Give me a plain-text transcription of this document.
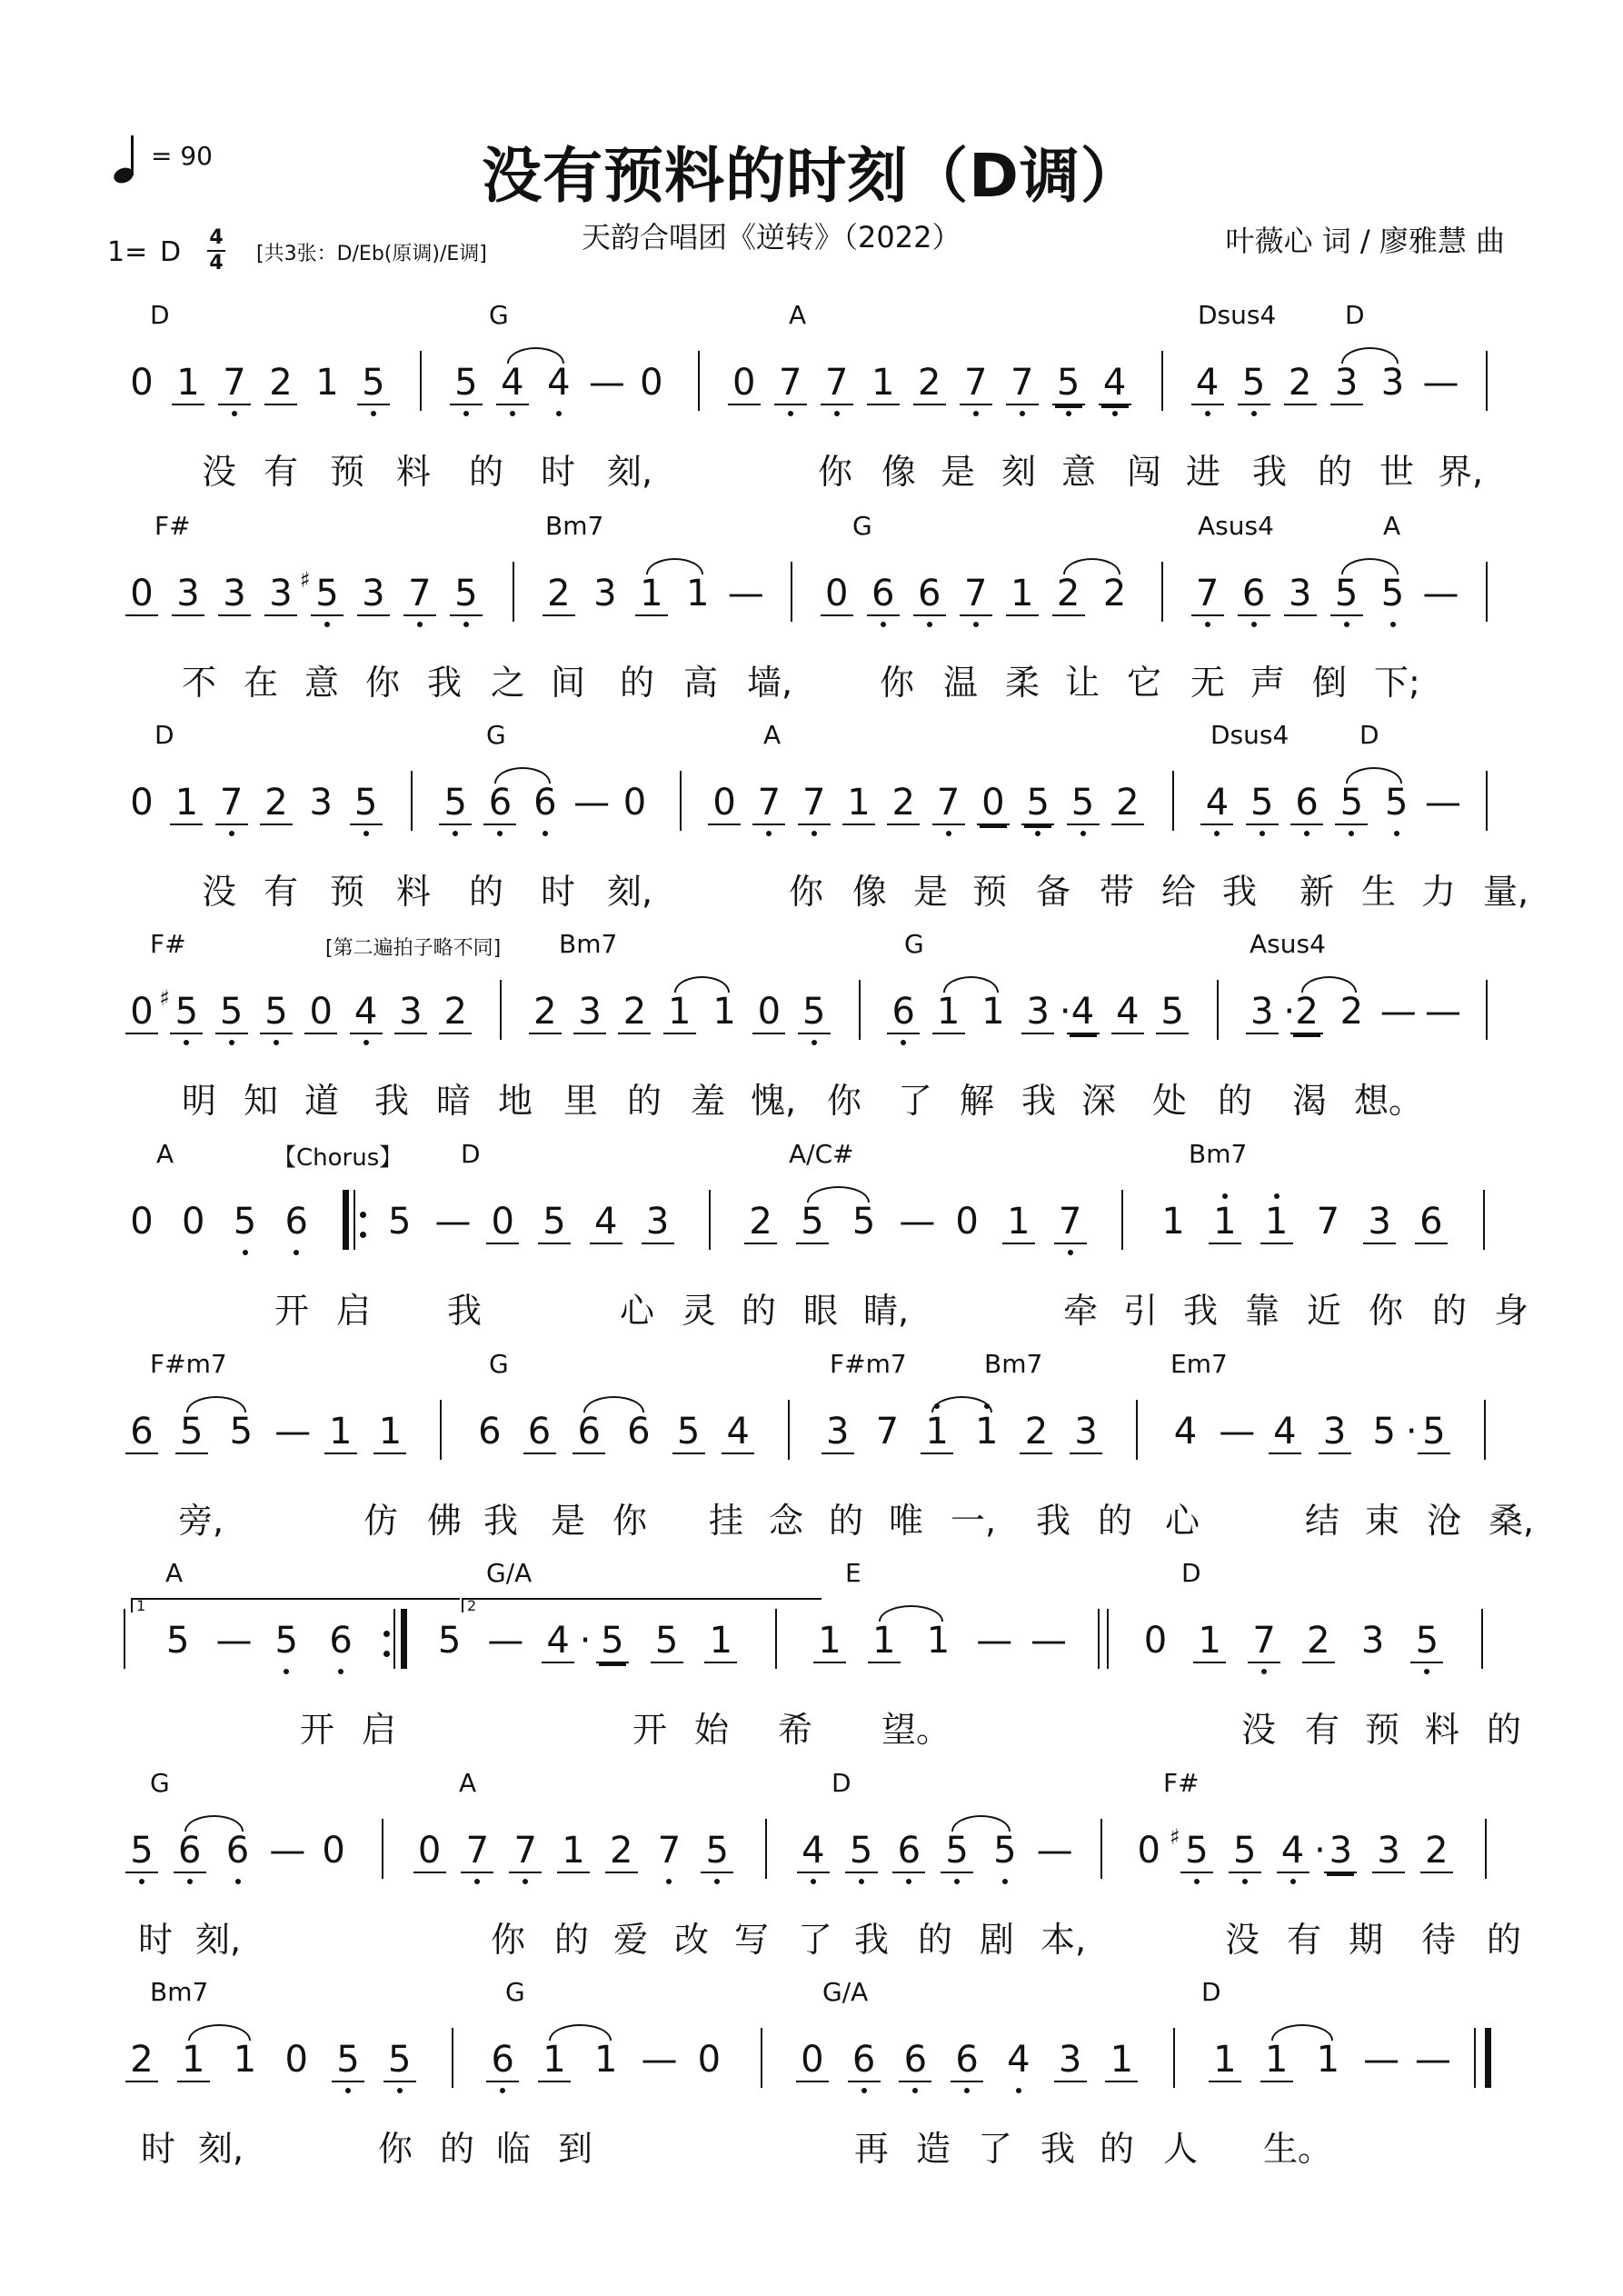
= 90	没有预料的时刻（D调）
天韵合唱团《逆转》（2022）	叶薇心 词 / 廖雅慧 曲
1= D 4
4 [共3张：D/Eb(原调)/E调]
D	G	A	Dsus4	D
没 有 预 料 的 时 刻,	你 像 是 刻 意 闯 进 我 的 世 界,
0 1 7 2 1 5 5 4 4 — 0 0 7 7 1 2 7 7 5 4 4 5 2 3 3 —
F#	Bm7	G	Asus4	A
不 在 意 你 我 之 间 的 高 墙,	你 温 柔 让 它 无 声 倒 下;
0 3 3 3 5
♯ 3 7 5 2 3 1 1 — 0 6 6 7 1 2 2 7 6 3 5 5 —
D	G	A	Dsus4	D
没 有 预 料 的 时 刻,	你 像 是 预 备 带 给 我 新 生 力 量,
0 1 7 2 3 5 5 6 6 — 0 0 7 7 1 2 7 0 5 5 2 4 5 6 5 5 —
F#	Bm7	G	Asus4
[第二遍拍子略不同]
明 知 道 我 暗 地 里 的 羞 愧, 你 了 解 我 深 处 的 渴 想。
0 5
♯ 5 5 0 4 3 2 2 3 2 1 1 0 5 6 1 1 3 · 4 4 5 3 · 2 2 — —
A	D	A/C#	Bm7
【Chorus】
开 启 我	心 灵 的 眼 睛,	牵 引 我 靠 近 你 的 身
0 0 5 6 5 — 0 5 4 3 2 5 5 — 0 1 7 1 1 1 7 3 6
F#m7	G	F#m7	Bm7	Em7
旁,	仿 佛 我 是 你 挂 念 的 唯 一, 我 的 心	结 束 沧 桑,
6 5 5 — 1 1 6 6 6 6 5 4 3 7 1 1 2 3 4 — 4 3 5 · 5
A	G/A	E	D
1	2
开 启	开 始 希 望。	没 有 预 料 的
5 — 5 6 5 — 4 · 5 5 1 1 1 1 — — 0 1 7 2 3 5
G	A	D	F#
时 刻,	你 的 爱 改 写 了 我 的 剧 本,	没 有 期 待 的
5 6 6 — 0 0 7 7 1 2 7 5 4 5 6 5 5 — 0 5
♯ 5 4 · 3 3 2
Bm7	G	G/A	D
时 刻,	你 的 临 到	再 造 了 我 的 人 生。
2 1 1 0 5 5 6 1 1 — 0 0 6 6 6 4 3 1 1 1 1 — —
